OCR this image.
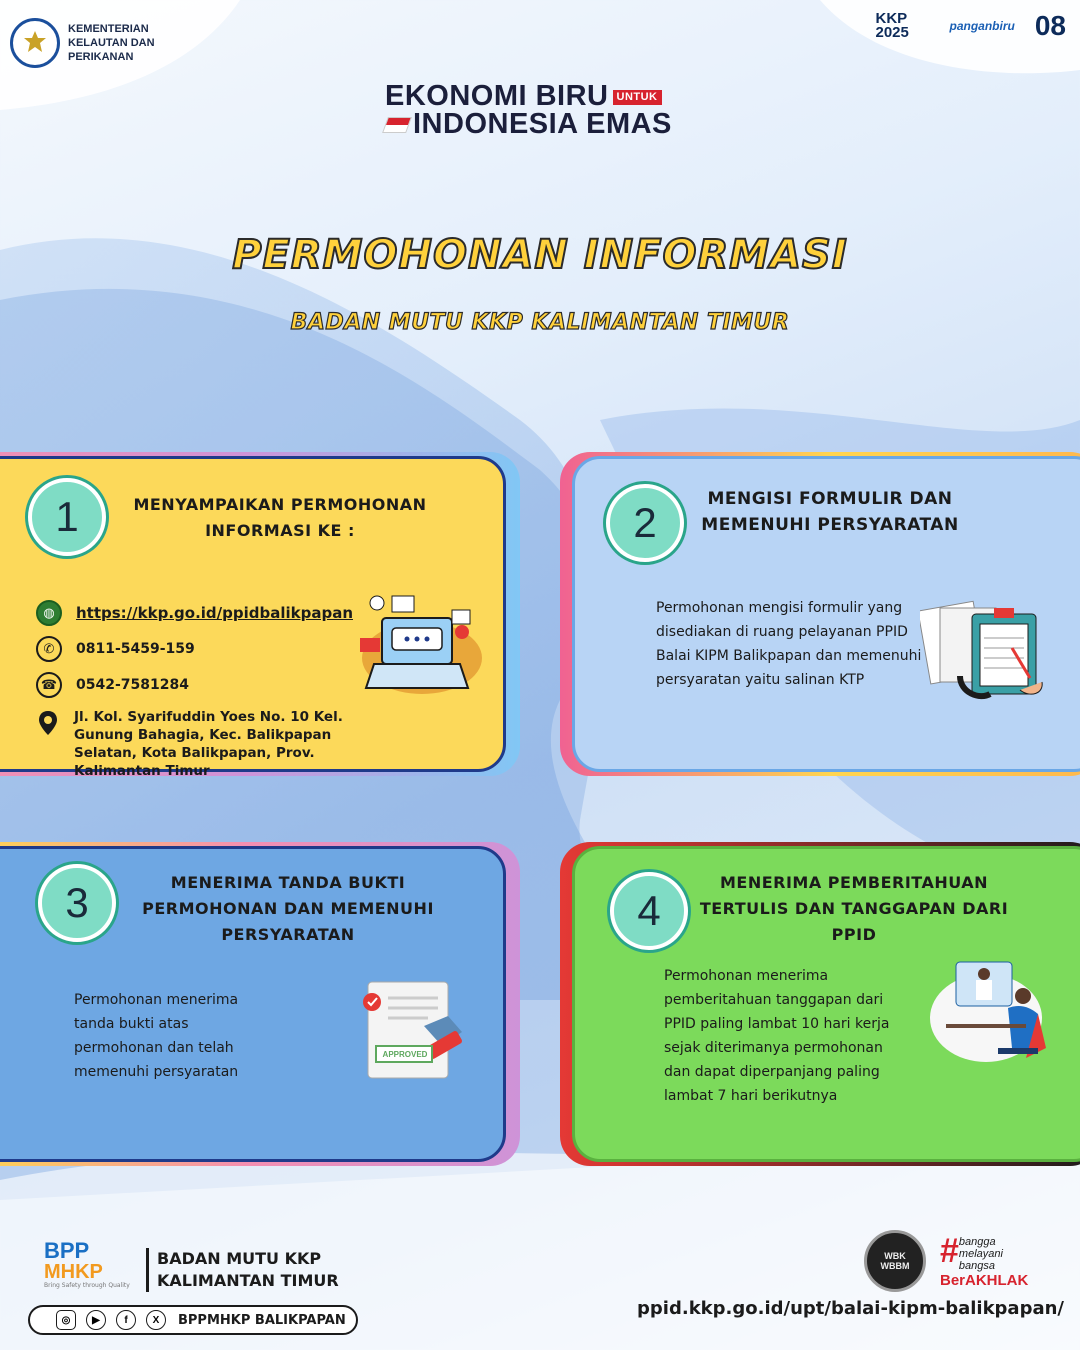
KEMENTERIAN KELAUTAN DAN PERIKANAN
KKP 2025	panganbiru 08
EKONOMI BIRU UNTUK
INDONESIA EMAS
PERMOHONAN INFORMASI
BADAN MUTU KKP KALIMANTAN TIMUR
1	MENYAMPAIKAN PERMOHONAN INFORMASI KE :
◍	https://kkp.go.id/ppidbalikpapan
✆	0811-5459-159
☎	0542-7581284
Jl. Kol. Syarifuddin Yoes No. 10 Kel. Gunung Bahagia, Kec. Balikpapan Selatan, Kota Balikpapan, Prov. Kalimantan Timur
2	MENGISI FORMULIR DAN MEMENUHI PERSYARATAN
Permohonan mengisi formulir yang disediakan di ruang pelayanan PPID Balai KIPM Balikpapan dan memenuhi persyaratan yaitu salinan KTP
3	MENERIMA TANDA BUKTI PERMOHONAN DAN MEMENUHI PERSYARATAN
Permohonan menerima tanda bukti atas permohonan dan telah memenuhi persyaratan
APPROVED
4
MENERIMA PEMBERITAHUAN TERTULIS DAN TANGGAPAN DARI PPID
Permohonan menerima pemberitahuan tanggapan dari PPID paling lambat 10 hari kerja sejak diterimanya permohonan dan dapat diperpanjang paling lambat 7 hari berikutnya
BPP
MHKP
Bring Safety through Quality
BADAN MUTU KKP
KALIMANTAN TIMUR
◎	▶	f	X	BPPMHKP BALIKPAPAN
WBK
WBBM # bangga melayani bangsa
BerAKHLAK
ppid.kkp.go.id/upt/balai-kipm-balikpapan/
